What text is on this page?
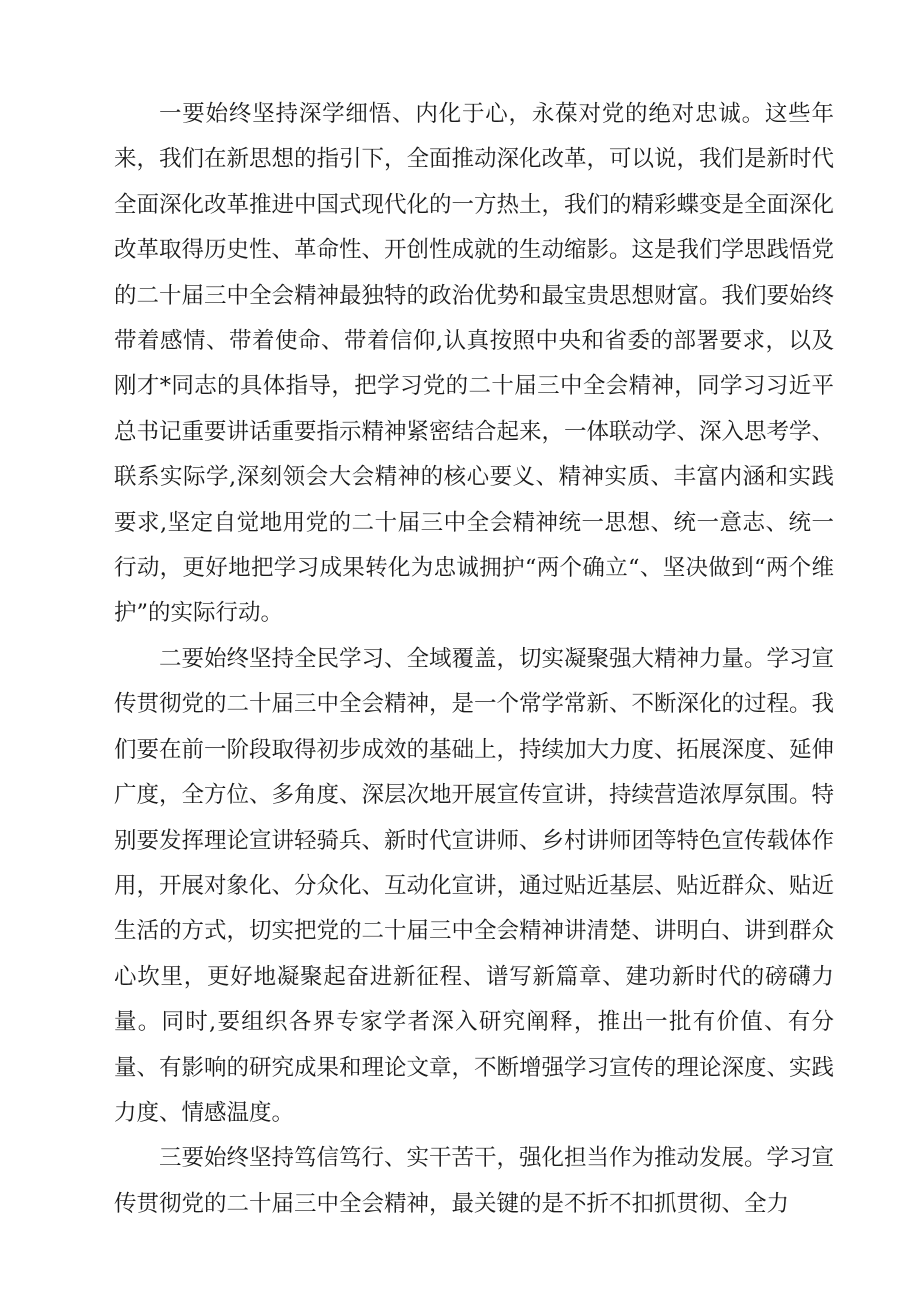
一要始终坚持深学细悟、内化于心，永葆对党的绝对忠诚。这些年来，我们在新思想的指引下，全面推动深化改革，可以说，我们是新时代全面深化改革推进中国式现代化的一方热土，我们的精彩蝶变是全面深化改革取得历史性、革命性、开创性成就的生动缩影。这是我们学思践悟党的二十届三中全会精神最独特的政治优势和最宝贵思想财富。我们要始终带着感情、带着使命、带着信仰,认真按照中央和省委的部署要求，以及刚才*同志的具体指导，把学习党的二十届三中全会精神，同学习习近平总书记重要讲话重要指示精神紧密结合起来，一体联动学、深入思考学、联系实际学,深刻领会大会精神的核心要义、精神实质、丰富内涵和实践要求,坚定自觉地用党的二十届三中全会精神统一思想、统一意志、统一行动，更好地把学习成果转化为忠诚拥护“两个确立“、坚决做到“两个维护”的实际行动。

二要始终坚持全民学习、全域覆盖，切实凝聚强大精神力量。学习宣传贯彻党的二十届三中全会精神，是一个常学常新、不断深化的过程。我们要在前一阶段取得初步成效的基础上，持续加大力度、拓展深度、延伸广度，全方位、多角度、深层次地开展宣传宣讲，持续营造浓厚氛围。特别要发挥理论宣讲轻骑兵、新时代宣讲师、乡村讲师团等特色宣传载体作用，开展对象化、分众化、互动化宣讲，通过贴近基层、贴近群众、贴近生活的方式，切实把党的二十届三中全会精神讲清楚、讲明白、讲到群众心坎里，更好地凝聚起奋进新征程、谱写新篇章、建功新时代的磅礴力量。同时,要组织各界专家学者深入研究阐释，推出一批有价值、有分量、有影响的研究成果和理论文章，不断增强学习宣传的理论深度、实践力度、情感温度。

三要始终坚持笃信笃行、实干苦干，强化担当作为推动发展。学习宣传贯彻党的二十届三中全会精神，最关键的是不折不扣抓贯彻、全力
